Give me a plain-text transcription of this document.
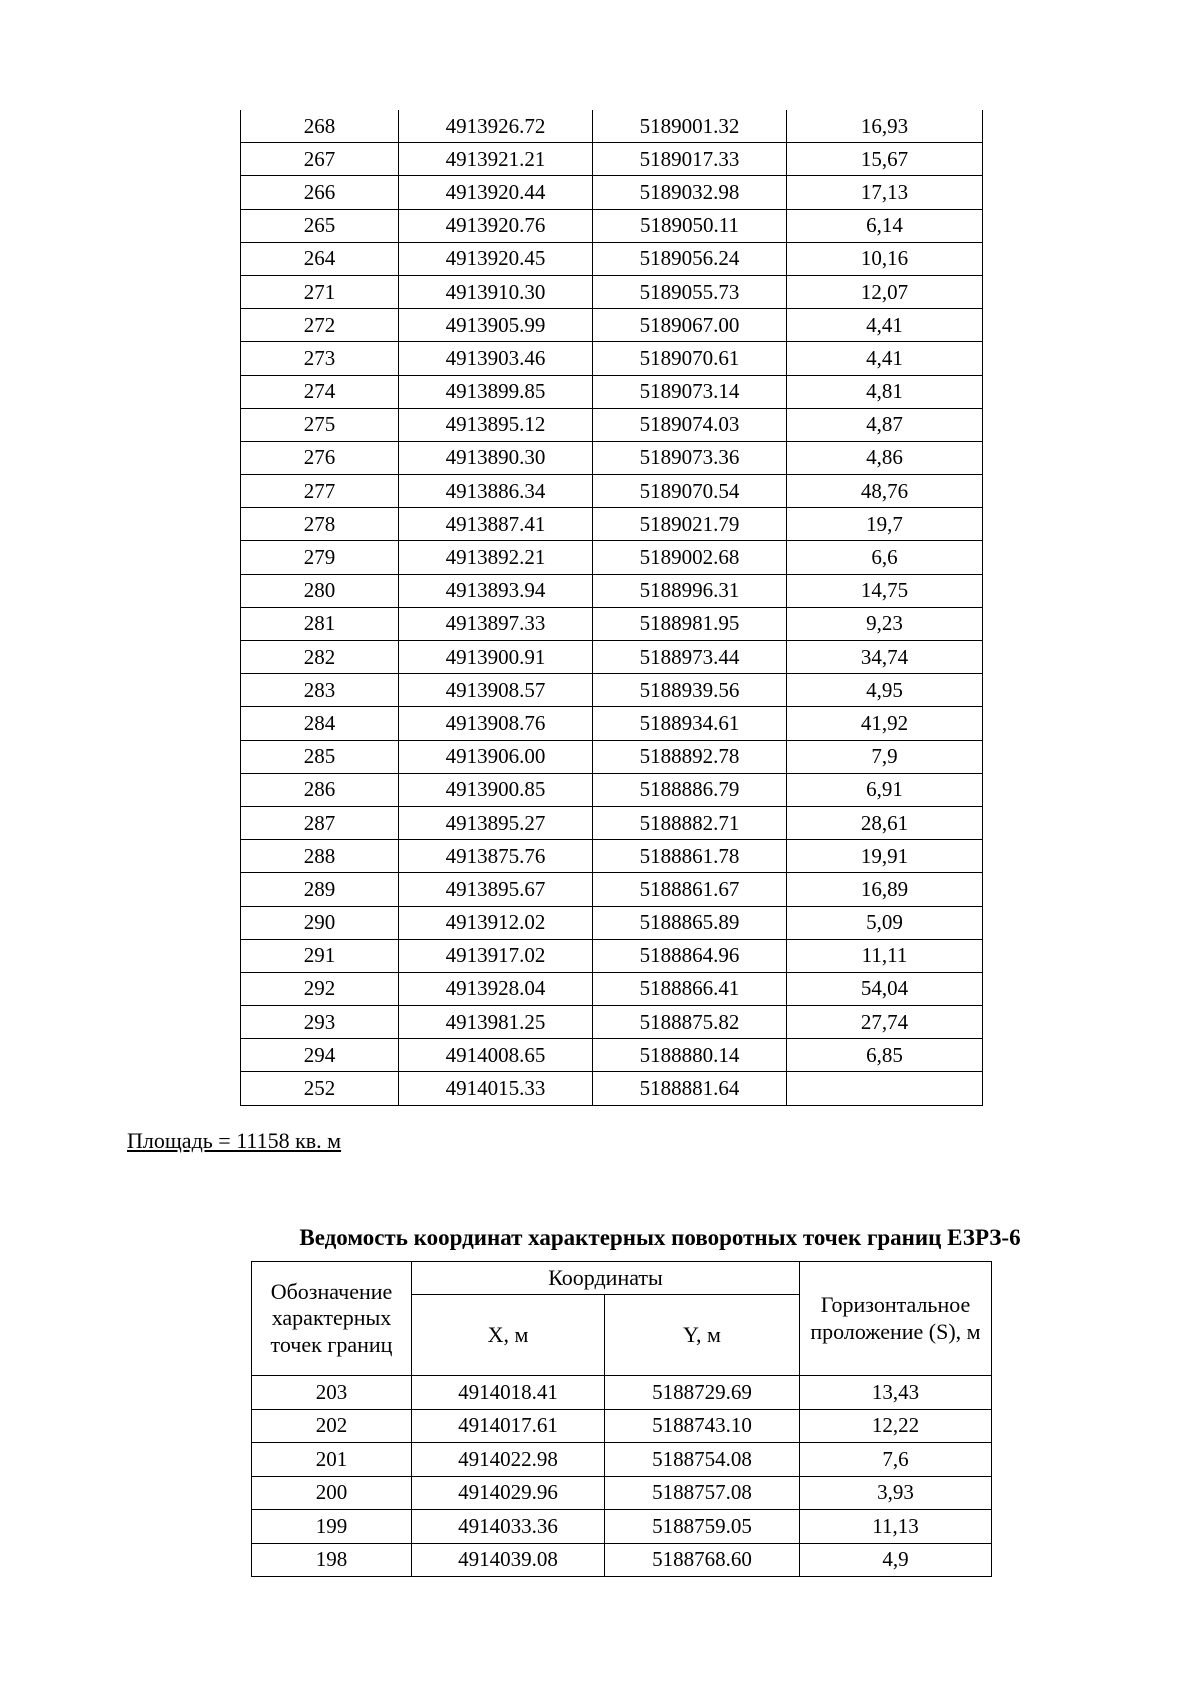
268	4913926.72	5189001.32	16,93
267	4913921.21	5189017.33	15,67
266	4913920.44	5189032.98	17,13
265	4913920.76	5189050.11	6,14
264	4913920.45	5189056.24	10,16
271	4913910.30	5189055.73	12,07
272	4913905.99	5189067.00	4,41
273	4913903.46	5189070.61	4,41
274	4913899.85	5189073.14	4,81
275	4913895.12	5189074.03	4,87
276	4913890.30	5189073.36	4,86
277	4913886.34	5189070.54	48,76
278	4913887.41	5189021.79	19,7
279	4913892.21	5189002.68	6,6
280	4913893.94	5188996.31	14,75
281	4913897.33	5188981.95	9,23
282	4913900.91	5188973.44	34,74
283	4913908.57	5188939.56	4,95
284	4913908.76	5188934.61	41,92
285	4913906.00	5188892.78	7,9
286	4913900.85	5188886.79	6,91
287	4913895.27	5188882.71	28,61
288	4913875.76	5188861.78	19,91
289	4913895.67	5188861.67	16,89
290	4913912.02	5188865.89	5,09
291	4913917.02	5188864.96	11,11
292	4913928.04	5188866.41	54,04
293	4913981.25	5188875.82	27,74
294	4914008.65	5188880.14	6,85
252	4914015.33	5188881.64	
Площадь = 11158 кв. м
Ведомость координат характерных поворотных точек границ ЕЗРЗ-6
Обозначение характерных точек границ	Координаты		Горизонтальное проложение (S), м
	X, м	Y, м	
203	4914018.41	5188729.69	13,43
202	4914017.61	5188743.10	12,22
201	4914022.98	5188754.08	7,6
200	4914029.96	5188757.08	3,93
199	4914033.36	5188759.05	11,13
198	4914039.08	5188768.60	4,9
